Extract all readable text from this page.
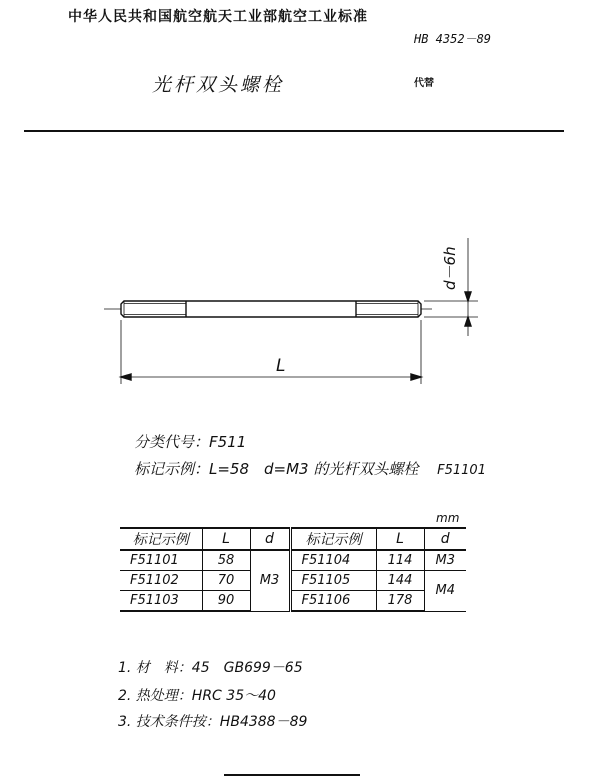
中华人民共和国航空航天工业部航空工业标准
HB 4352－89
光杆双头螺栓	代替
d－6h
L
分类代号：F511
标记示例：L=58　d=M3 的光杆双头螺栓 F51101
mm
标记示例	L	d	标记示例	L	d
F51101	58	M3	F51104	114	M3
F51102	70		F51105	144	M4
F51103	90		F51106	178	
1. 材　料：45　GB699－65
2. 热处理：HRC 35～40
3. 技术条件按：HB4388－89
